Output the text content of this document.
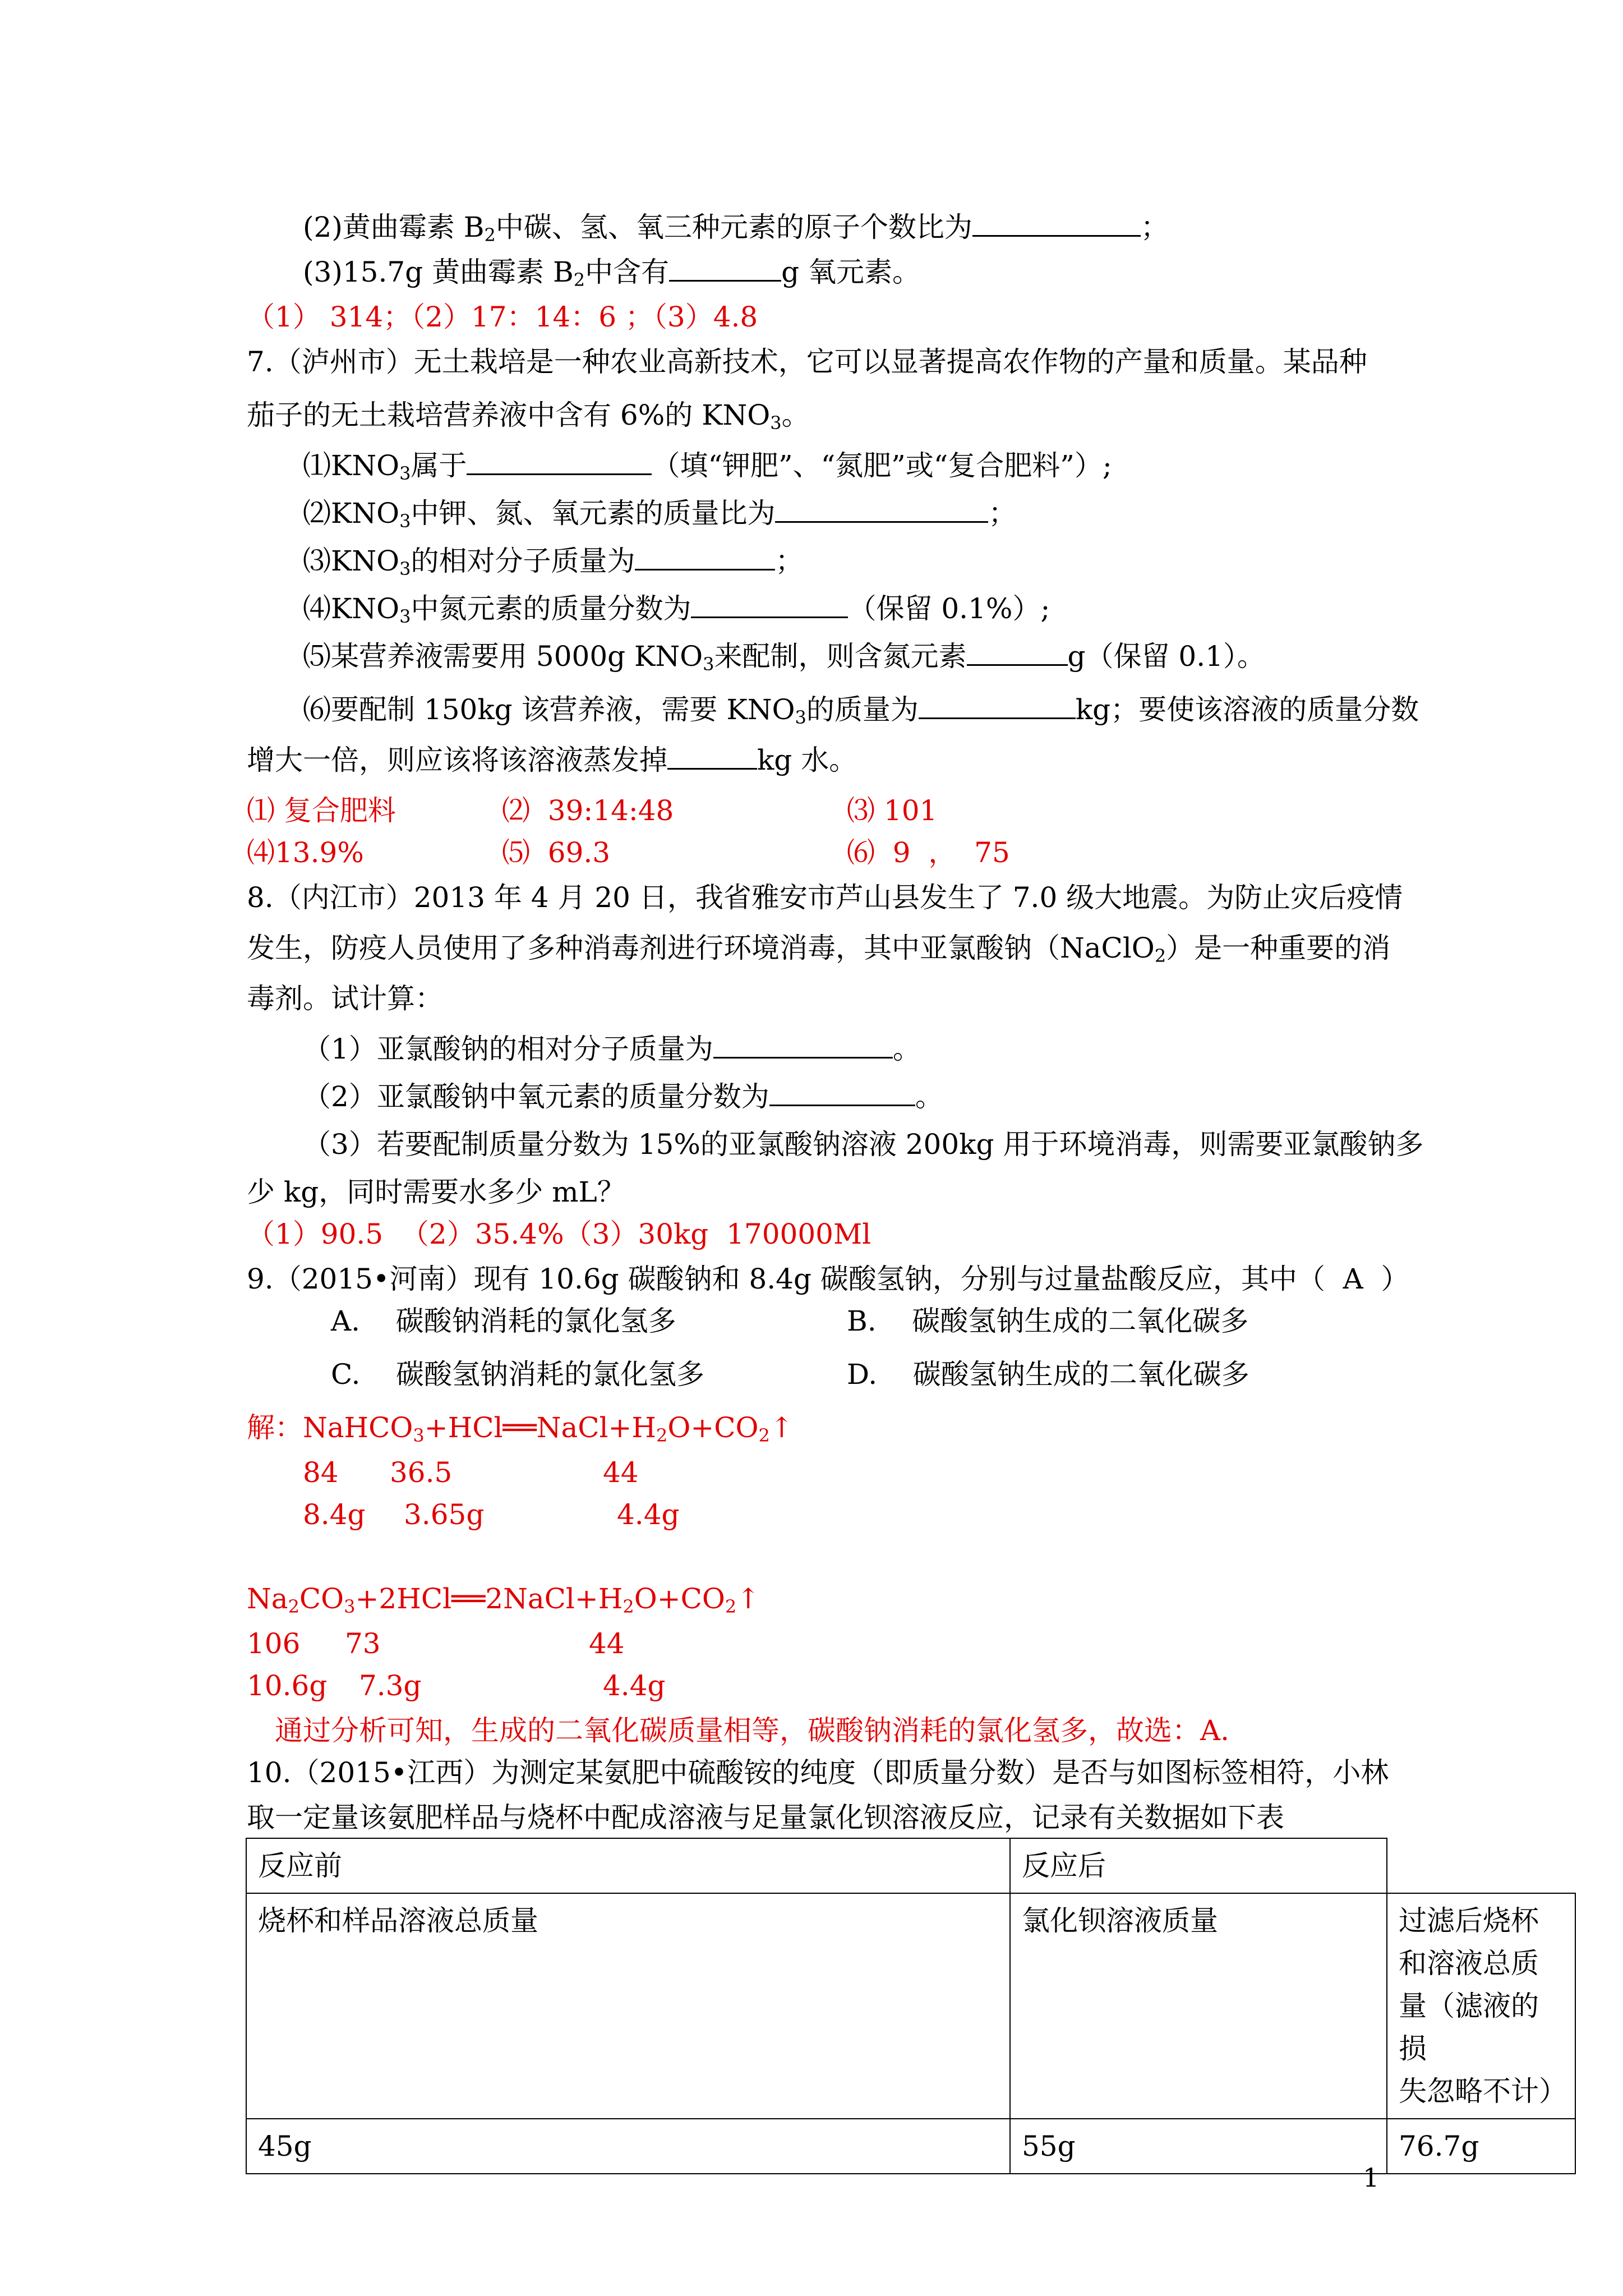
(2)黄曲霉素 $B_2$中碳、氢、氧三种元素的原子个数比为	；
(3)15.7g 黄曲霉素 $B_2$中含有	g 氧元素。
（1） 314；（2）17：14：6 ；（3）4.8
7.（泸州市）无土栽培是一种农业高新技术，它可以显著提高农作物的产量和质量。某品种
茄子的无土栽培营养液中含有 6%的 $KNO_3$。
$⑴KNO_3$属于	（填“钾肥”、“氮肥”或“复合肥料”）;
$⑵KNO_3$中钾、氮、氧元素的质量比为	；
$⑶KNO_3$的相对分子质量为	；
$⑷KNO_3$中氮元素的质量分数为	（保留 0.1%）;
⑸某营养液需要用 5000g $KNO_3$来配制，则含氮元素	g（保留 0.1）。
⑹要配制 150kg 该营养液，需要 $KNO_3$的质量为	kg；要使该溶液的质量分数
增大一倍，则应该将该溶液蒸发掉	kg 水。
⑴ 复合肥料	⑵  39:14:48	⑶ 101
⑷13.9%	⑸  69.3	⑹  9  ，  75
8.（内江市）2013 年 4 月 20 日，我省雅安市芦山县发生了 7.0 级大地震。为防止灾后疫情
发生，防疫人员使用了多种消毒剂进行环境消毒，其中亚氯酸钠（NaClO$_2$）是一种重要的消
毒剂。试计算：
（1）亚氯酸钠的相对分子质量为	。
（2）亚氯酸钠中氧元素的质量分数为	。
（3）若要配制质量分数为 15%的亚氯酸钠溶液 200kg 用于环境消毒，则需要亚氯酸钠多
少 kg，同时需要水多少 mL？
（1）90.5  （2）35.4%（3）30kg  170000Ml
9.（2015•河南）现有 10.6g 碳酸钠和 8.4g 碳酸氢钠，分别与过量盐酸反应，其中（  A  ）
A.    碳酸钠消耗的氯化氢多	B.    碳酸氢钠生成的二氧化碳多
C.    碳酸氢钠消耗的氯化氢多	D.    碳酸氢钠生成的二氧化碳多
解：$NaHCO_3+HCl══NaCl+H_2O+CO_2↑$
84 36.5	44
8.4g 3.65g	4.4g
$Na_2CO_3+2HCl══2NaCl+H_2O+CO_2↑$
106 73	44
10.6g 7.3g	4.4g
通过分析可知，生成的二氧化碳质量相等，碳酸钠消耗的氯化氢多，故选：A.
10.（2015•江西）为测定某氨肥中硫酸铵的纯度（即质量分数）是否与如图标签相符，小林
取一定量该氨肥样品与烧杯中配成溶液与足量氯化钡溶液反应，记录有关数据如下表
反应前	反应后	
烧杯和样品溶液总质量	氯化钡溶液质量	过滤后烧杯
和溶液总质
量（滤液的损
失忽略不计）

45g	55g	76.7g
1
